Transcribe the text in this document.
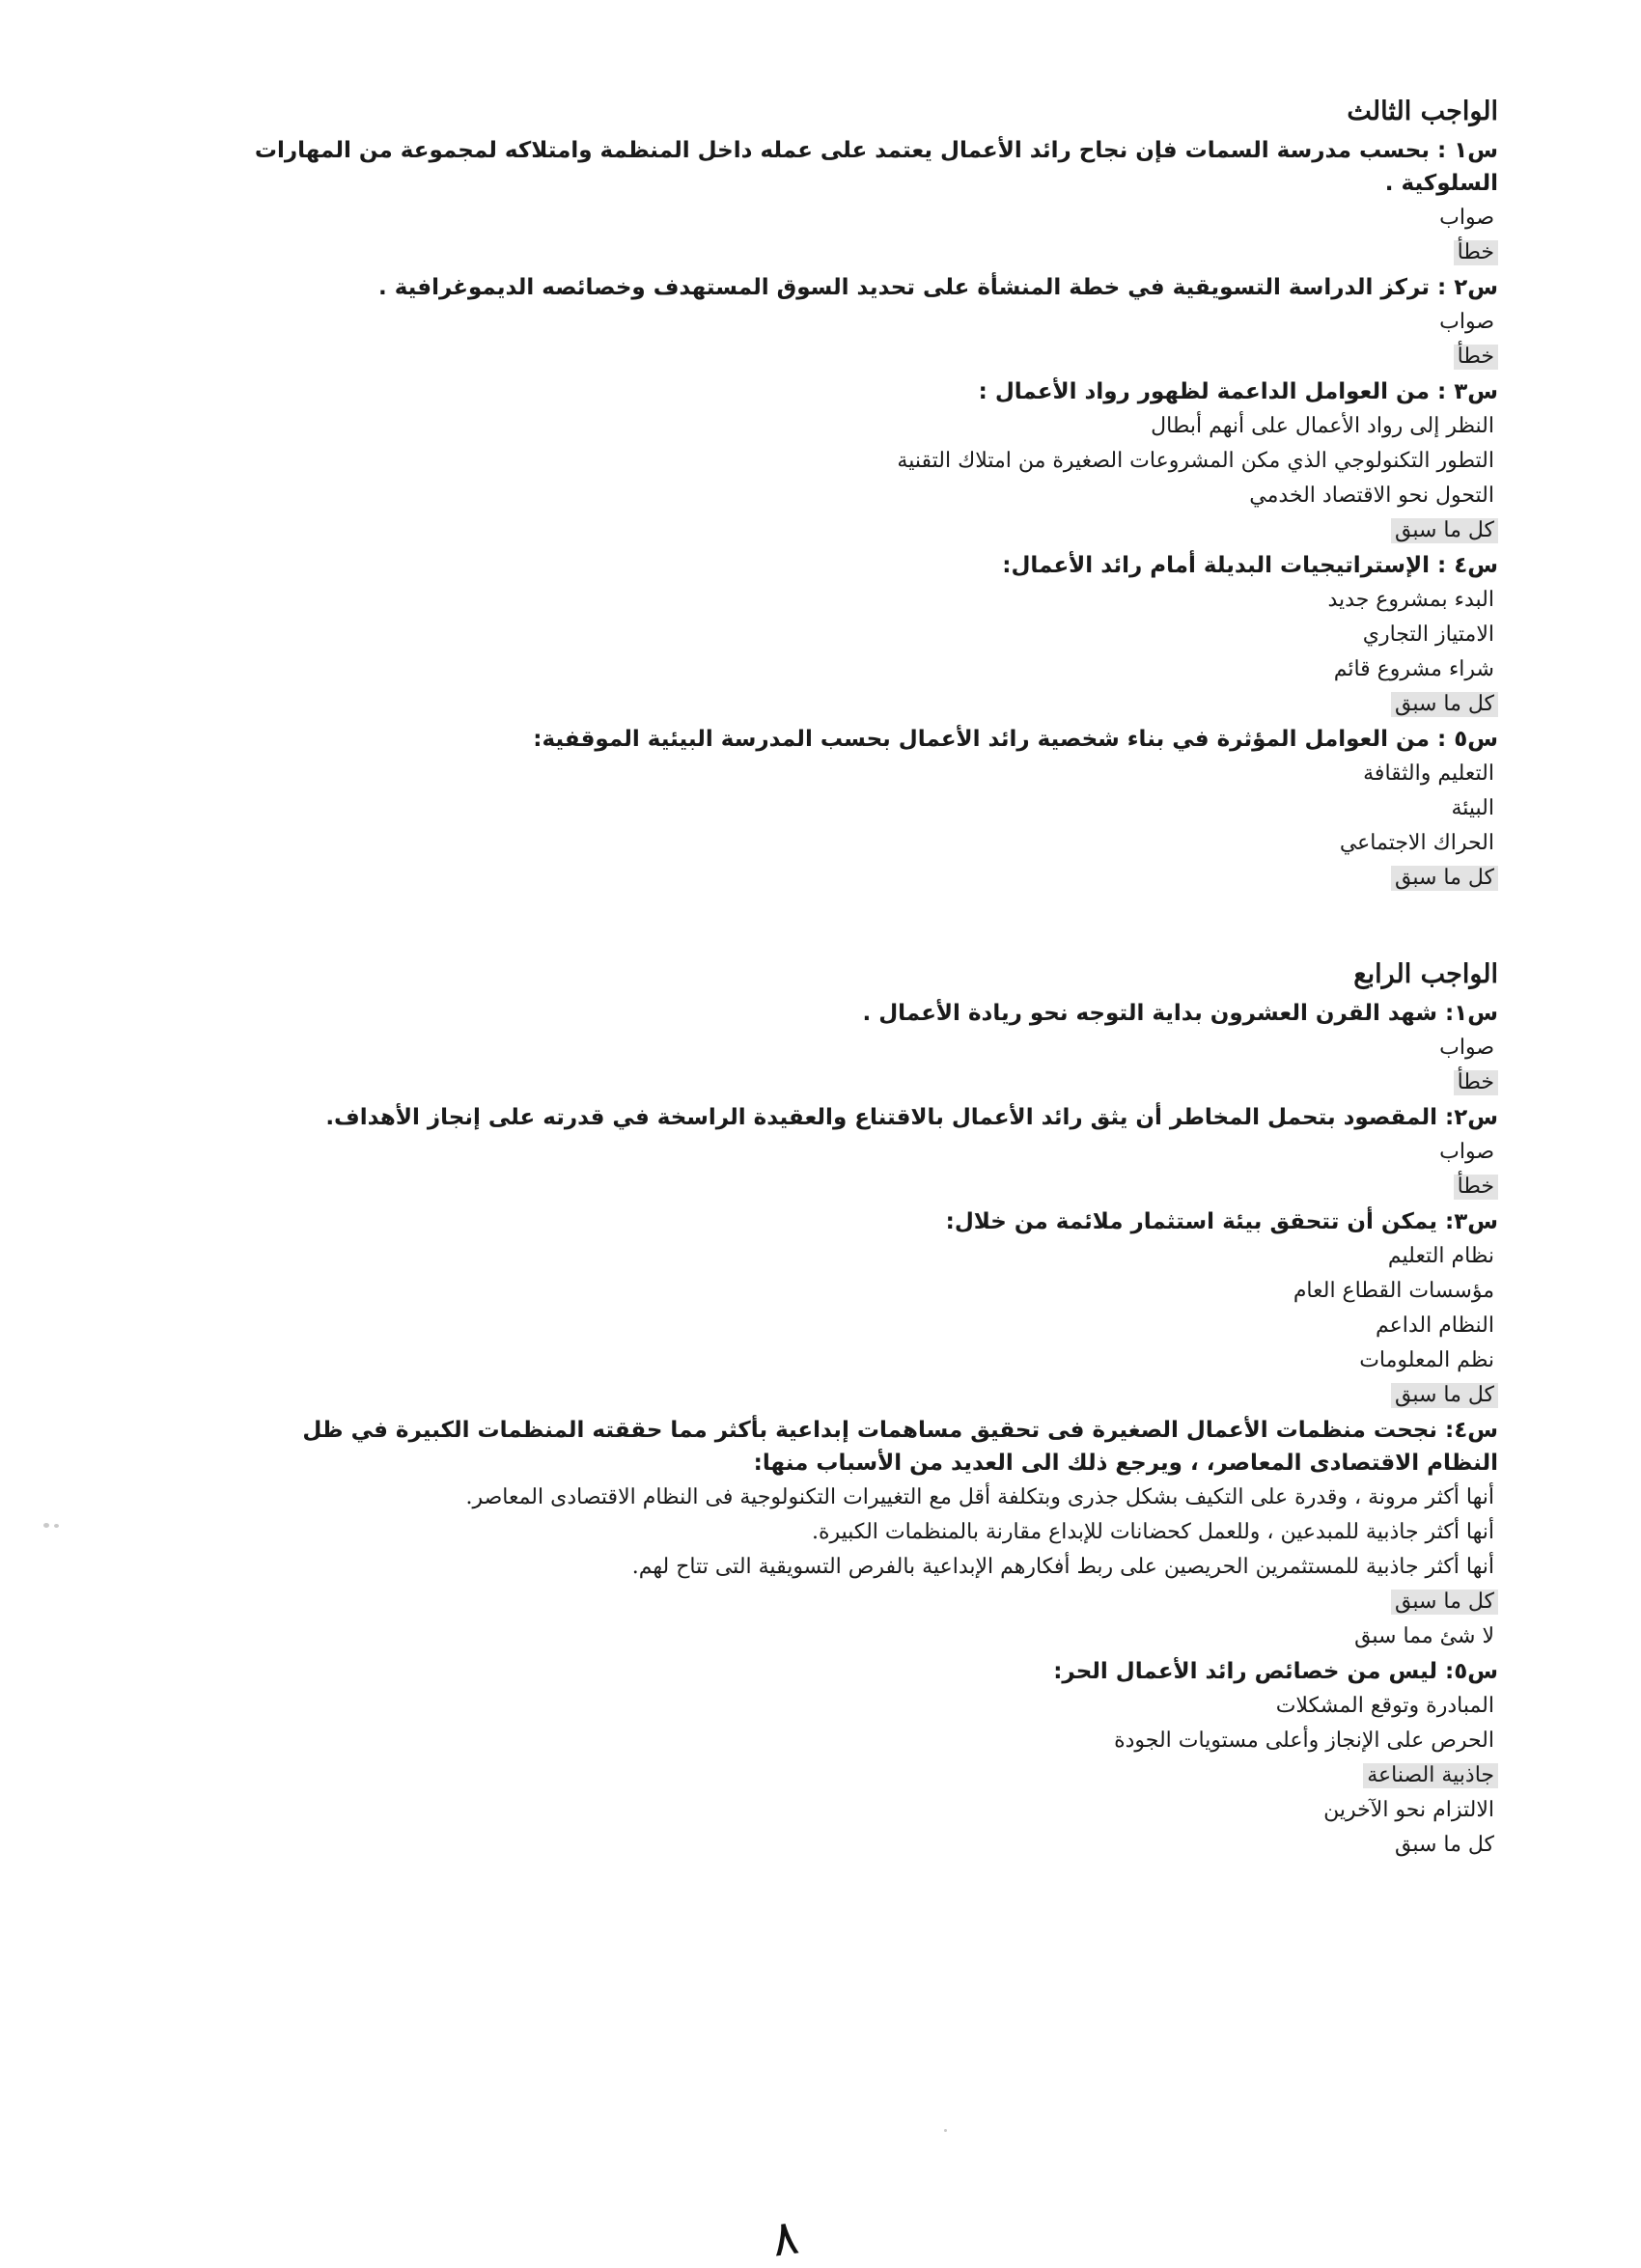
الواجب الثالث

س١ : بحسب مدرسة السمات فإن نجاح رائد الأعمال يعتمد على عمله داخل المنظمة وامتلاكه لمجموعة من المهارات السلوكية .

صواب
خطأ

س٢ : تركز الدراسة التسويقية في خطة المنشأة على تحديد السوق المستهدف وخصائصه الديموغرافية .

صواب
خطأ

س٣ : من العوامل الداعمة لظهور رواد الأعمال :

النظر إلى رواد الأعمال على أنهم أبطال
التطور التكنولوجي الذي مكن المشروعات الصغيرة من امتلاك التقنية
التحول نحو الاقتصاد الخدمي
كل ما سبق

س٤ : الإستراتيجيات البديلة أمام رائد الأعمال:

البدء بمشروع جديد
الامتياز التجاري
شراء مشروع قائم
كل ما سبق

س٥ : من العوامل المؤثرة في بناء شخصية رائد الأعمال بحسب المدرسة البيئية الموقفية:

التعليم والثقافة
البيئة
الحراك الاجتماعي
كل ما سبق
الواجب الرابع

س١: شهد القرن العشرون بداية التوجه نحو ريادة الأعمال .

صواب
خطأ

س٢: المقصود بتحمل المخاطر أن يثق رائد الأعمال بالاقتناع والعقيدة الراسخة في قدرته على إنجاز الأهداف.

صواب
خطأ

س٣: يمكن أن تتحقق بيئة استثمار ملائمة من خلال:

نظام التعليم
مؤسسات القطاع العام
النظام الداعم
نظم المعلومات
كل ما سبق

س٤: نجحت منظمات الأعمال الصغيرة فى تحقيق مساهمات إبداعية بأكثر مما حققته المنظمات الكبيرة في ظل النظام الاقتصادى المعاصر، ، ويرجع ذلك الى العديد من الأسباب منها:

أنها أكثر مرونة ، وقدرة على التكيف بشكل جذرى وبتكلفة أقل مع التغييرات التكنولوجية فى النظام الاقتصادى المعاصر.
أنها أكثر جاذبية للمبدعين ، وللعمل كحضانات للإبداع مقارنة بالمنظمات الكبيرة.
أنها أكثر جاذبية للمستثمرين الحريصين على ربط أفكارهم الإبداعية بالفرص التسويقية التى تتاح لهم.
كل ما سبق
لا شئ مما سبق

س٥: ليس من خصائص رائد الأعمال الحر:

المبادرة وتوقع المشكلات
الحرص على الإنجاز وأعلى مستويات الجودة
جاذبية الصناعة
الالتزام نحو الآخرين
كل ما سبق
٨
